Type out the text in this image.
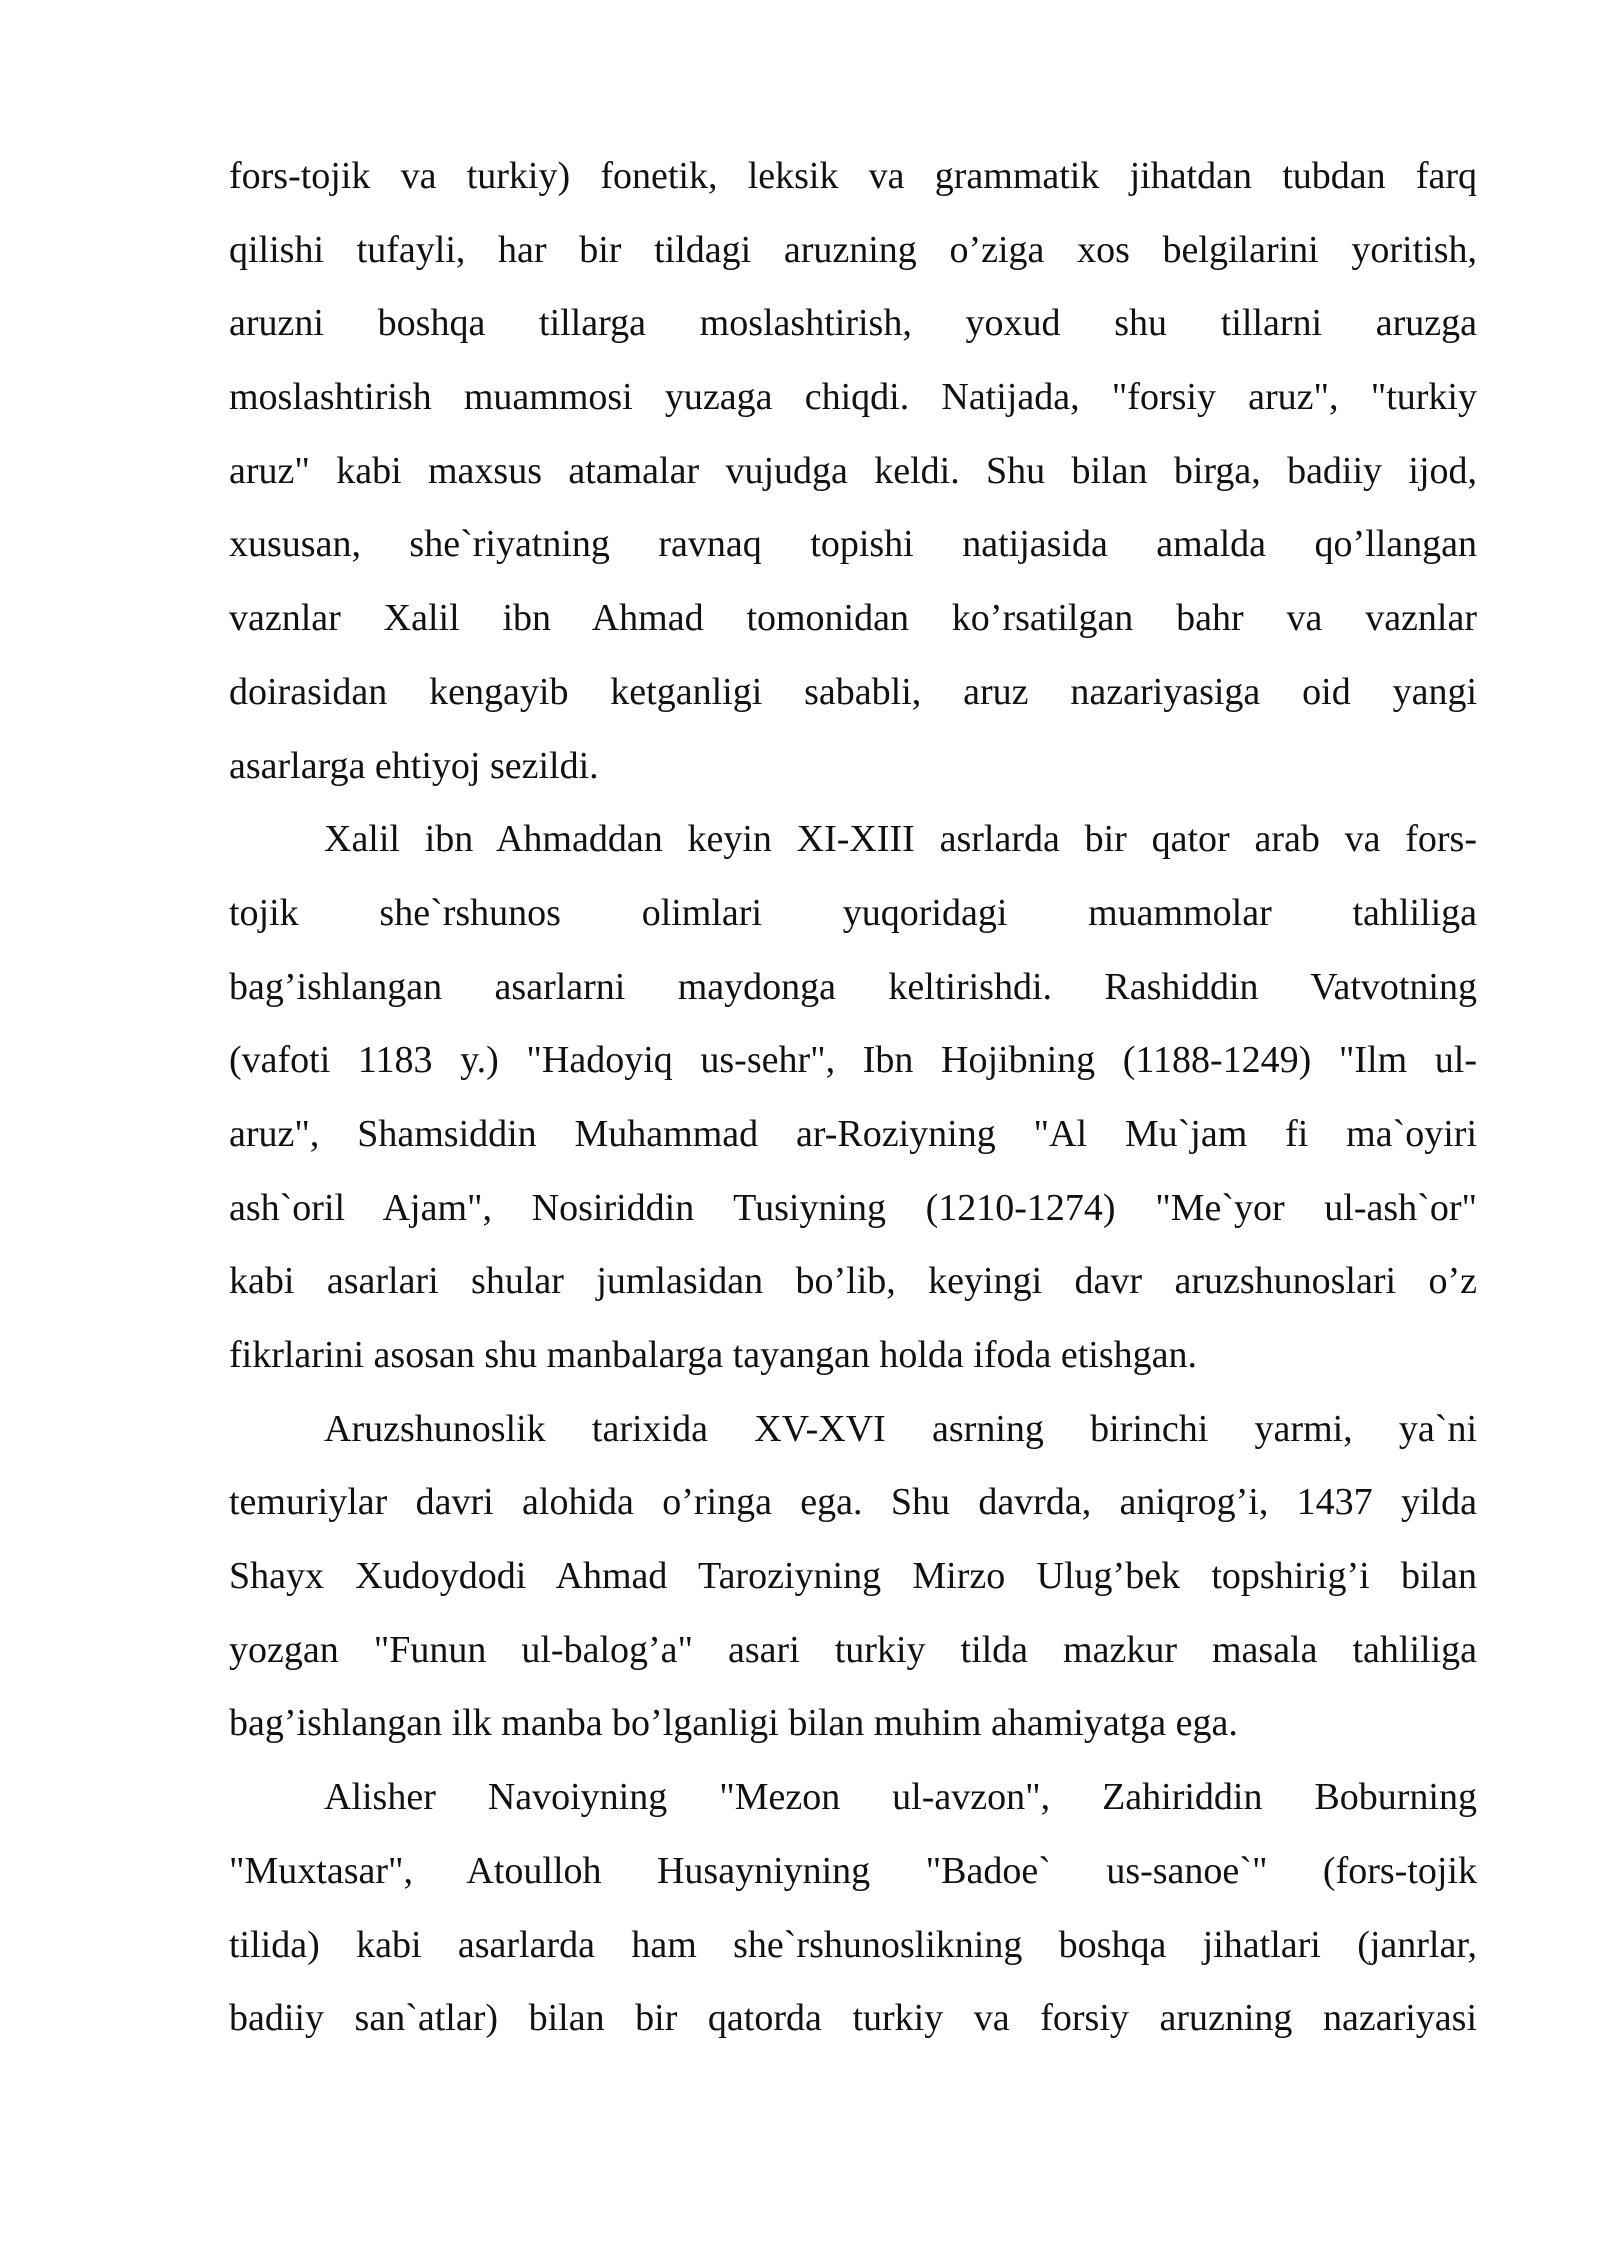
fors-tojik va turkiy) fonetik, leksik va grammatik jihatdan tubdan farq
qilishi tufayli, har bir tildagi aruzning o’ziga xos belgilarini yoritish,
aruzni boshqa tillarga moslashtirish, yoxud shu tillarni aruzga
moslashtirish muammosi yuzaga chiqdi. Natijada, "forsiy aruz", "turkiy
aruz" kabi maxsus atamalar vujudga keldi. Shu bilan birga, badiiy ijod,
xususan, she`riyatning ravnaq topishi natijasida amalda qo’llangan
vaznlar Xalil ibn Ahmad tomonidan ko’rsatilgan bahr va vaznlar
doirasidan kengayib ketganligi sababli, aruz nazariyasiga oid yangi
asarlarga ehtiyoj sezildi.
Xalil ibn Ahmaddan keyin XI-XIII asrlarda bir qator arab va fors-
tojik she`rshunos olimlari yuqoridagi muammolar tahliliga
bag’ishlangan asarlarni maydonga keltirishdi. Rashiddin Vatvotning
(vafoti 1183 y.) "Hadoyiq us-sehr", Ibn Hojibning (1188-1249) "Ilm ul-
aruz", Shamsiddin Muhammad ar-Roziyning "Al Mu`jam fi ma`oyiri
ash`oril Ajam", Nosiriddin Tusiyning (1210-1274) "Me`yor ul-ash`or"
kabi asarlari shular jumlasidan bo’lib, keyingi davr aruzshunoslari o’z
fikrlarini asosan shu manbalarga tayangan holda ifoda etishgan.
Aruzshunoslik tarixida XV-XVI asrning birinchi yarmi, ya`ni
temuriylar davri alohida o’ringa ega. Shu davrda, aniqrog’i, 1437 yilda
Shayx Xudoydodi Ahmad Taroziyning Mirzo Ulug’bek topshirig’i bilan
yozgan "Funun ul-balog’a" asari turkiy tilda mazkur masala tahliliga
bag’ishlangan ilk manba bo’lganligi bilan muhim ahamiyatga ega.
Alisher Navoiyning "Mezon ul-avzon", Zahiriddin Boburning
"Muxtasar", Atoulloh Husayniyning "Badoe` us-sanoe`" (fors-tojik
tilida) kabi asarlarda ham she`rshunoslikning boshqa jihatlari (janrlar,
badiiy san`atlar) bilan bir qatorda turkiy va forsiy aruzning nazariyasi
